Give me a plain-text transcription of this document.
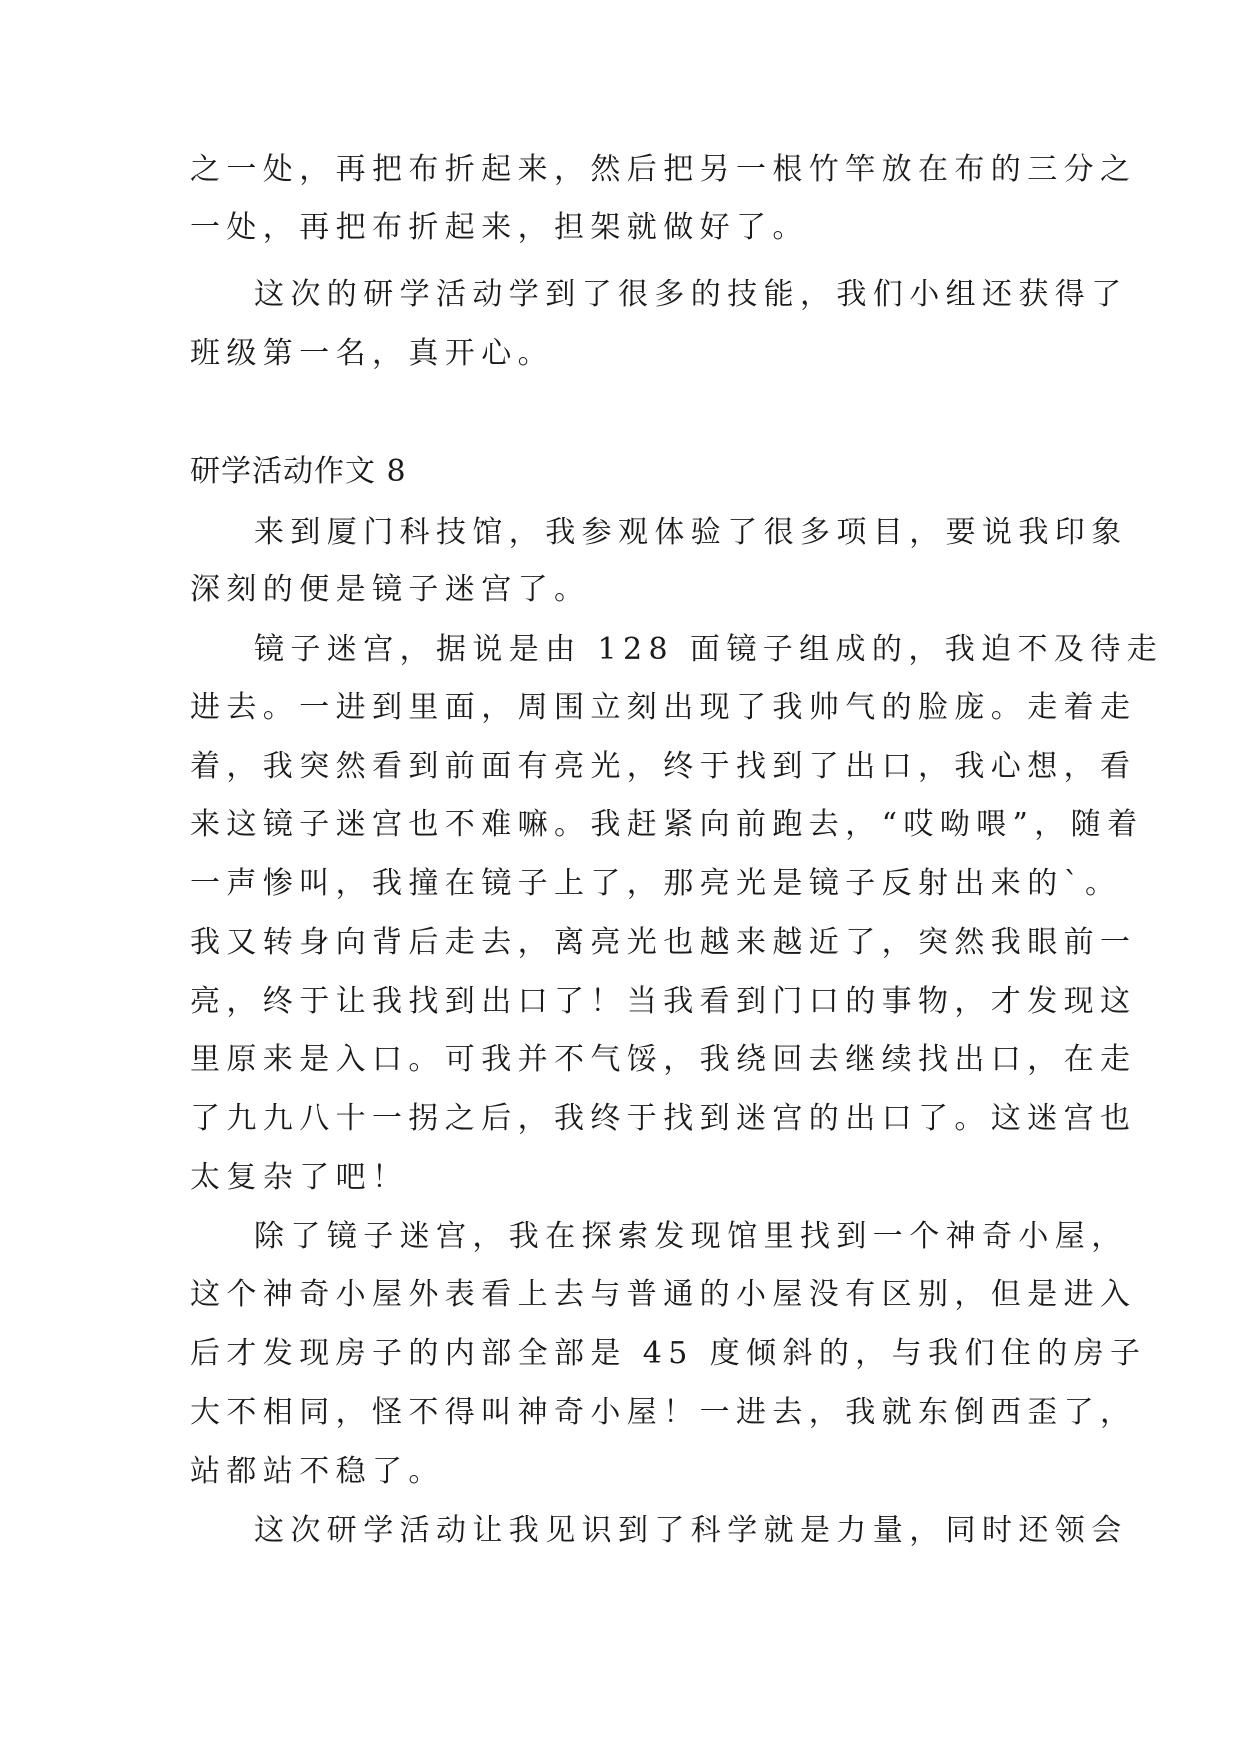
之一处，再把布折起来，然后把另一根竹竿放在布的三分之
一处，再把布折起来，担架就做好了。
这次的研学活动学到了很多的技能，我们小组还获得了
班级第一名，真开心。
研学活动作文 8
来到厦门科技馆，我参观体验了很多项目，要说我印象
深刻的便是镜子迷宫了。
镜子迷宫，据说是由 128 面镜子组成的，我迫不及待走
进去。一进到里面，周围立刻出现了我帅气的脸庞。走着走
着，我突然看到前面有亮光，终于找到了出口，我心想，看
来这镜子迷宫也不难嘛。我赶紧向前跑去，“哎呦喂”，随着
一声惨叫，我撞在镜子上了，那亮光是镜子反射出来的`。
我又转身向背后走去，离亮光也越来越近了，突然我眼前一
亮，终于让我找到出口了！当我看到门口的事物，才发现这
里原来是入口。可我并不气馁，我绕回去继续找出口，在走
了九九八十一拐之后，我终于找到迷宫的出口了。这迷宫也
太复杂了吧！
除了镜子迷宫，我在探索发现馆里找到一个神奇小屋，
这个神奇小屋外表看上去与普通的小屋没有区别，但是进入
后才发现房子的内部全部是 45 度倾斜的，与我们住的房子
大不相同，怪不得叫神奇小屋！一进去，我就东倒西歪了，
站都站不稳了。
这次研学活动让我见识到了科学就是力量，同时还领会
